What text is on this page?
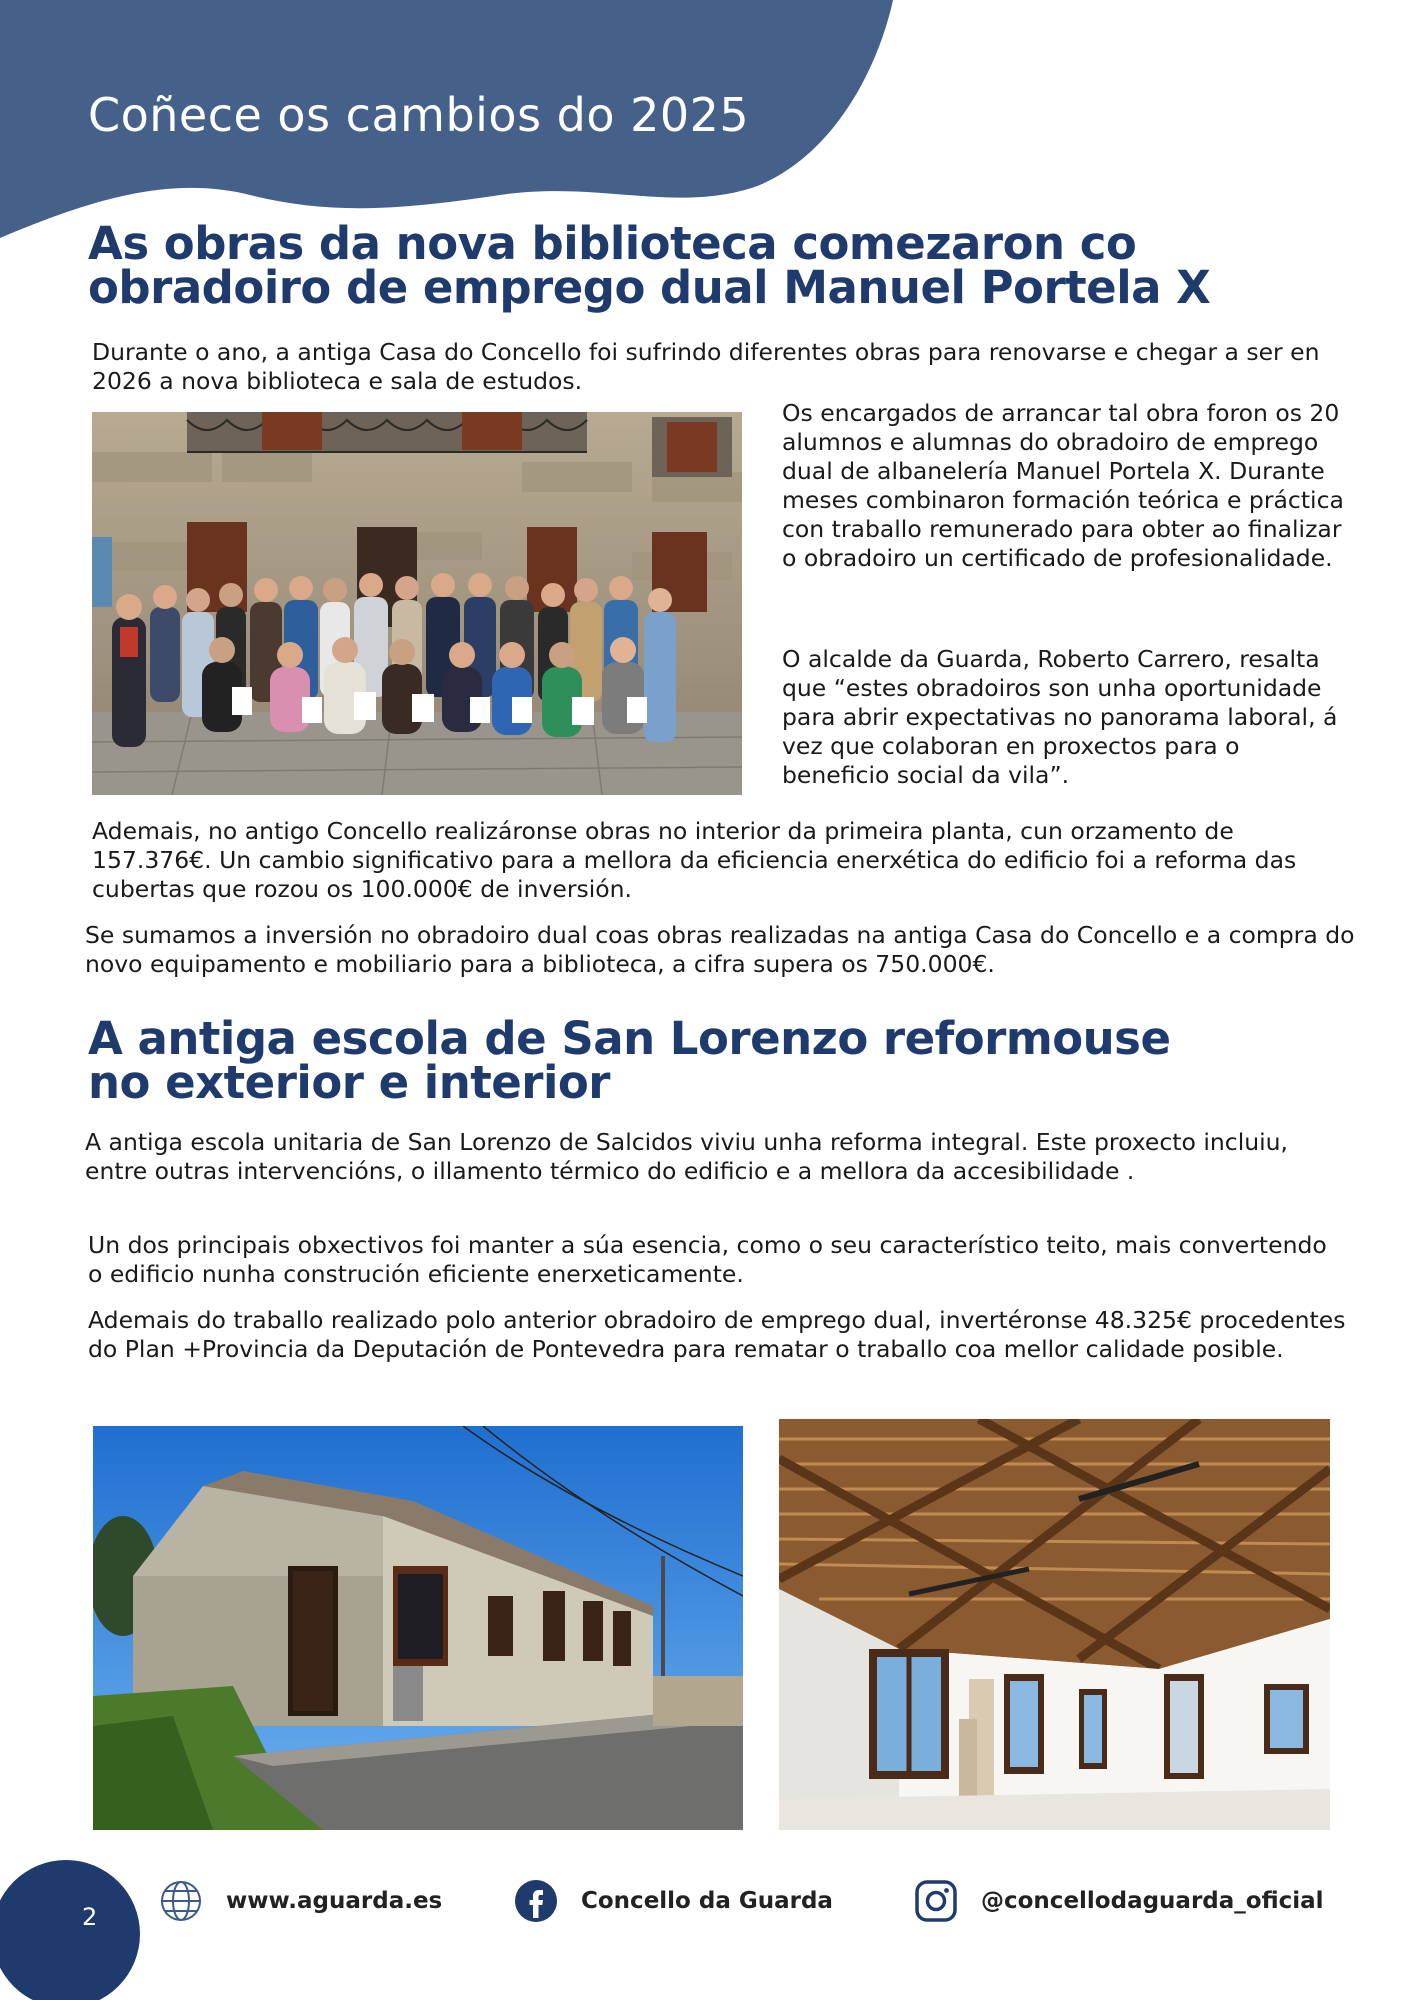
Coñece os cambios do 2025
As obras da nova biblioteca comezaron co
obradoiro de emprego dual Manuel Portela X
Durante o ano, a antiga Casa do Concello foi sufrindo diferentes obras para renovarse e chegar a ser en 2026 a nova biblioteca e sala de estudos.
Os encargados de arrancar tal obra foron os 20 alumnos e alumnas do obradoiro de emprego dual de albanelería Manuel Portela X. Durante meses combinaron formación teórica e práctica con traballo remunerado para obter ao finalizar o obradoiro un certificado de profesionalidade.
O alcalde da Guarda, Roberto Carrero, resalta que “estes obradoiros son unha oportunidade para abrir expectativas no panorama laboral, á vez que colaboran en proxectos para o beneficio social da vila”.
Ademais, no antigo Concello realizáronse obras no interior da primeira planta, cun orzamento de 157.376€. Un cambio significativo para a mellora da eficiencia enerxética do edificio foi a reforma das cubertas que rozou os 100.000€ de inversión.
Se sumamos a inversión no obradoiro dual coas obras realizadas na antiga Casa do Concello e a compra do novo equipamento e mobiliario para a biblioteca, a cifra supera os 750.000€.
A antiga escola de San Lorenzo reformouse
no exterior e interior
A antiga escola unitaria de San Lorenzo de Salcidos viviu unha reforma integral. Este proxecto incluiu, entre outras intervencións, o illamento térmico do edificio e a mellora da accesibilidade .
Un dos principais obxectivos foi manter a súa esencia, como o seu característico teito, mais convertendo o edificio nunha construción eficiente enerxeticamente.
Ademais do traballo realizado polo anterior obradoiro de emprego dual, invertéronse 48.325€ procedentes do Plan +Provincia da Deputación de Pontevedra para rematar o traballo coa mellor calidade posible.
2
www.aguarda.es	Concello da Guarda	@concellodaguarda_oficial
